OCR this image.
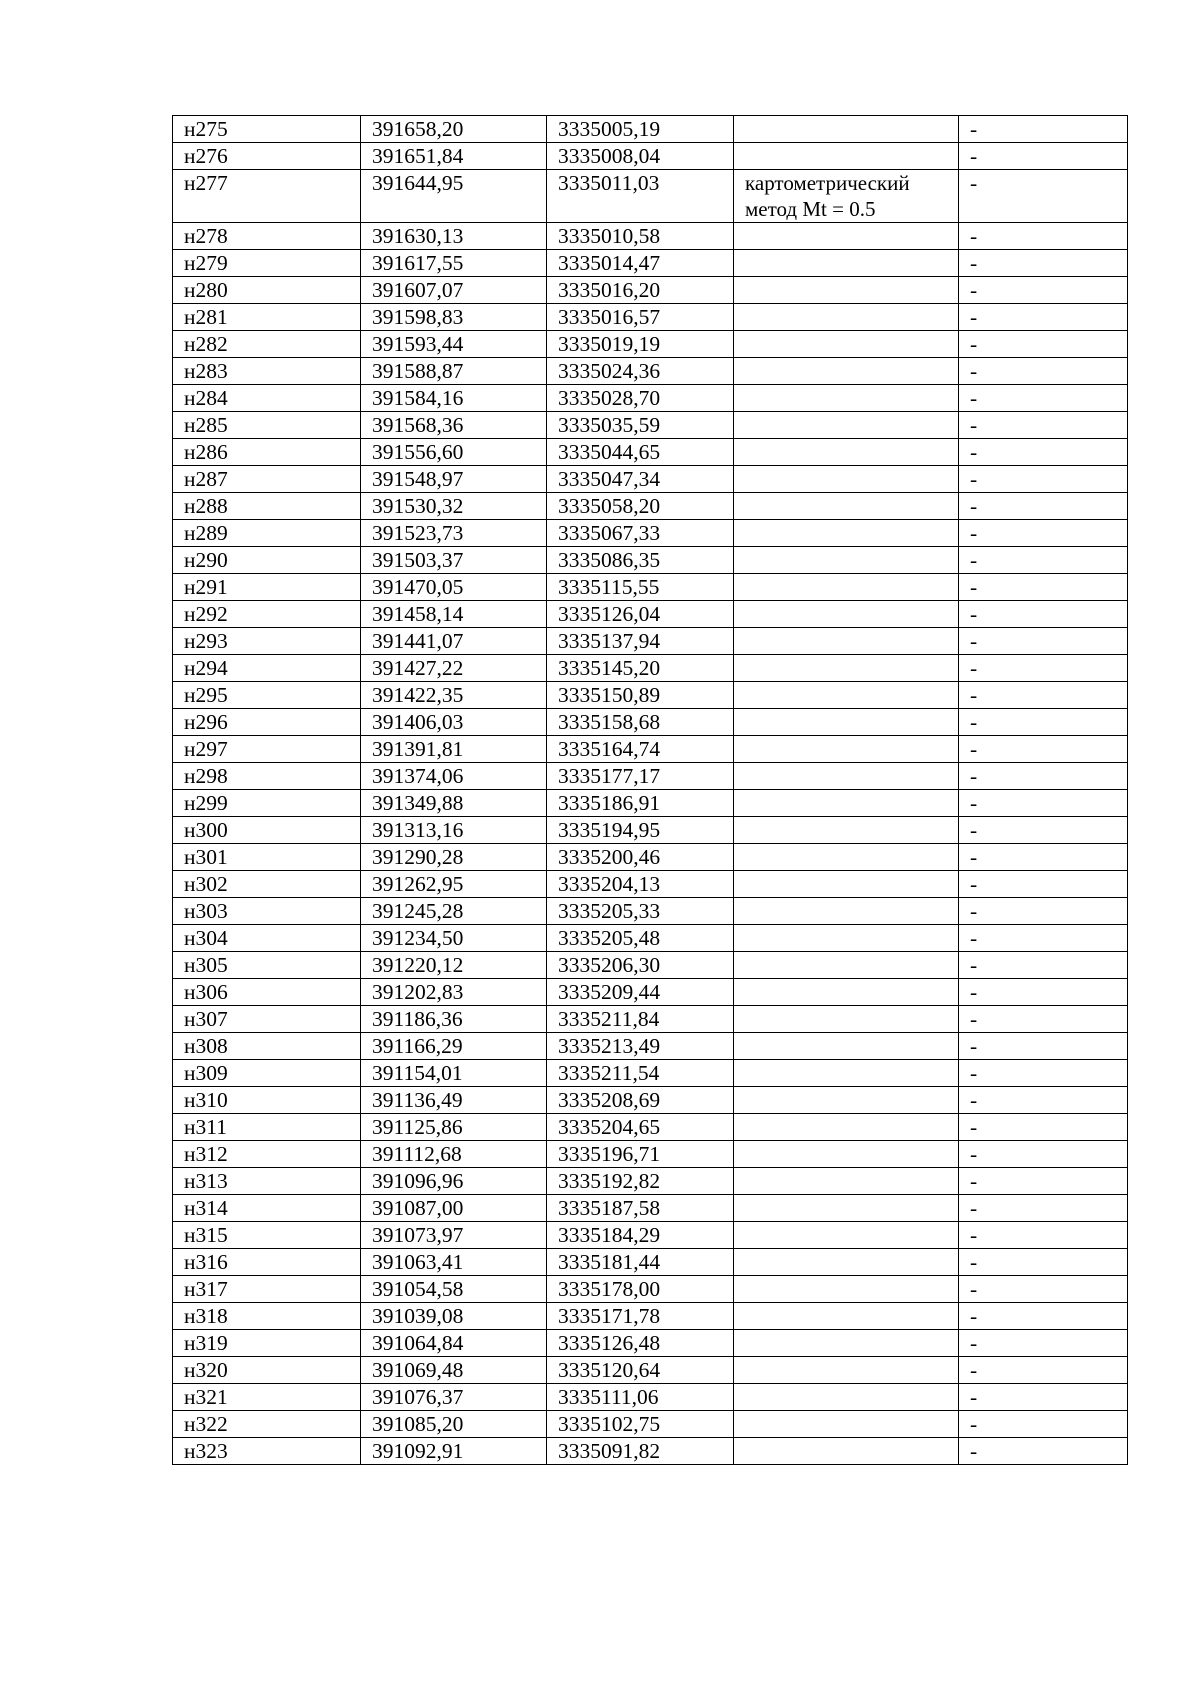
н275	391658,20	3335005,19		-
н276	391651,84	3335008,04		-
н277	391644,95	3335011,03	картометрический метод Mt = 0.5	-
н278	391630,13	3335010,58		-
н279	391617,55	3335014,47		-
н280	391607,07	3335016,20		-
н281	391598,83	3335016,57		-
н282	391593,44	3335019,19		-
н283	391588,87	3335024,36		-
н284	391584,16	3335028,70		-
н285	391568,36	3335035,59		-
н286	391556,60	3335044,65		-
н287	391548,97	3335047,34		-
н288	391530,32	3335058,20		-
н289	391523,73	3335067,33		-
н290	391503,37	3335086,35		-
н291	391470,05	3335115,55		-
н292	391458,14	3335126,04		-
н293	391441,07	3335137,94		-
н294	391427,22	3335145,20		-
н295	391422,35	3335150,89		-
н296	391406,03	3335158,68		-
н297	391391,81	3335164,74		-
н298	391374,06	3335177,17		-
н299	391349,88	3335186,91		-
н300	391313,16	3335194,95		-
н301	391290,28	3335200,46		-
н302	391262,95	3335204,13		-
н303	391245,28	3335205,33		-
н304	391234,50	3335205,48		-
н305	391220,12	3335206,30		-
н306	391202,83	3335209,44		-
н307	391186,36	3335211,84		-
н308	391166,29	3335213,49		-
н309	391154,01	3335211,54		-
н310	391136,49	3335208,69		-
н311	391125,86	3335204,65		-
н312	391112,68	3335196,71		-
н313	391096,96	3335192,82		-
н314	391087,00	3335187,58		-
н315	391073,97	3335184,29		-
н316	391063,41	3335181,44		-
н317	391054,58	3335178,00		-
н318	391039,08	3335171,78		-
н319	391064,84	3335126,48		-
н320	391069,48	3335120,64		-
н321	391076,37	3335111,06		-
н322	391085,20	3335102,75		-
н323	391092,91	3335091,82		-
